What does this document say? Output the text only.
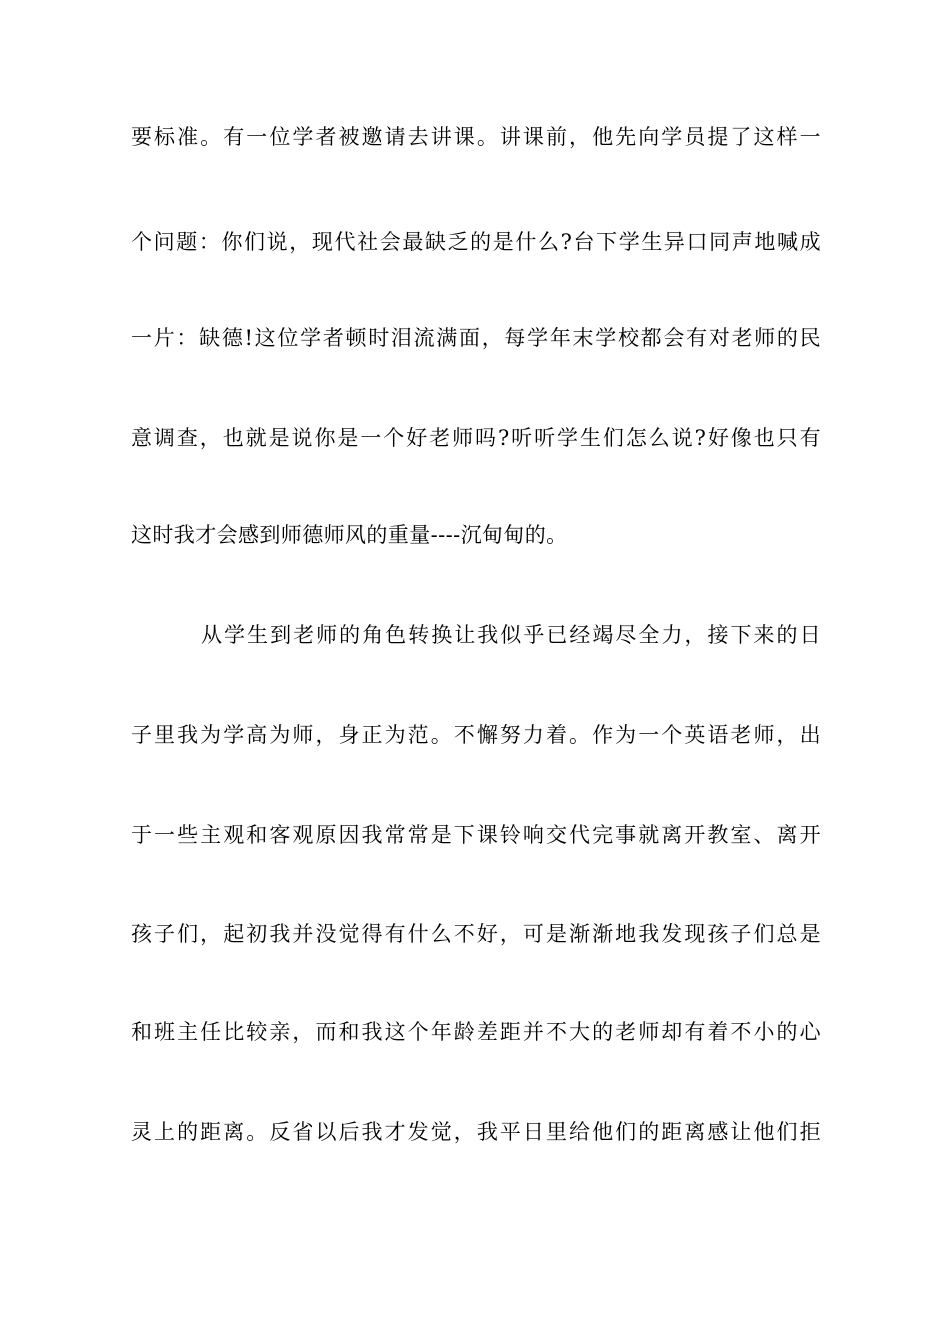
要标准。有一位学者被邀请去讲课。讲课前，他先向学员提了这样一
个问题：你们说，现代社会最缺乏的是什么?台下学生异口同声地喊成
一片：缺德!这位学者顿时泪流满面，每学年末学校都会有对老师的民
意调查，也就是说你是一个好老师吗?听听学生们怎么说?好像也只有
这时我才会感到师德师风的重量----沉甸甸的。
从学生到老师的角色转换让我似乎已经竭尽全力，接下来的日
子里我为学高为师，身正为范。不懈努力着。作为一个英语老师，出
于一些主观和客观原因我常常是下课铃响交代完事就离开教室、离开
孩子们，起初我并没觉得有什么不好，可是渐渐地我发现孩子们总是
和班主任比较亲，而和我这个年龄差距并不大的老师却有着不小的心
灵上的距离。反省以后我才发觉，我平日里给他们的距离感让他们拒
